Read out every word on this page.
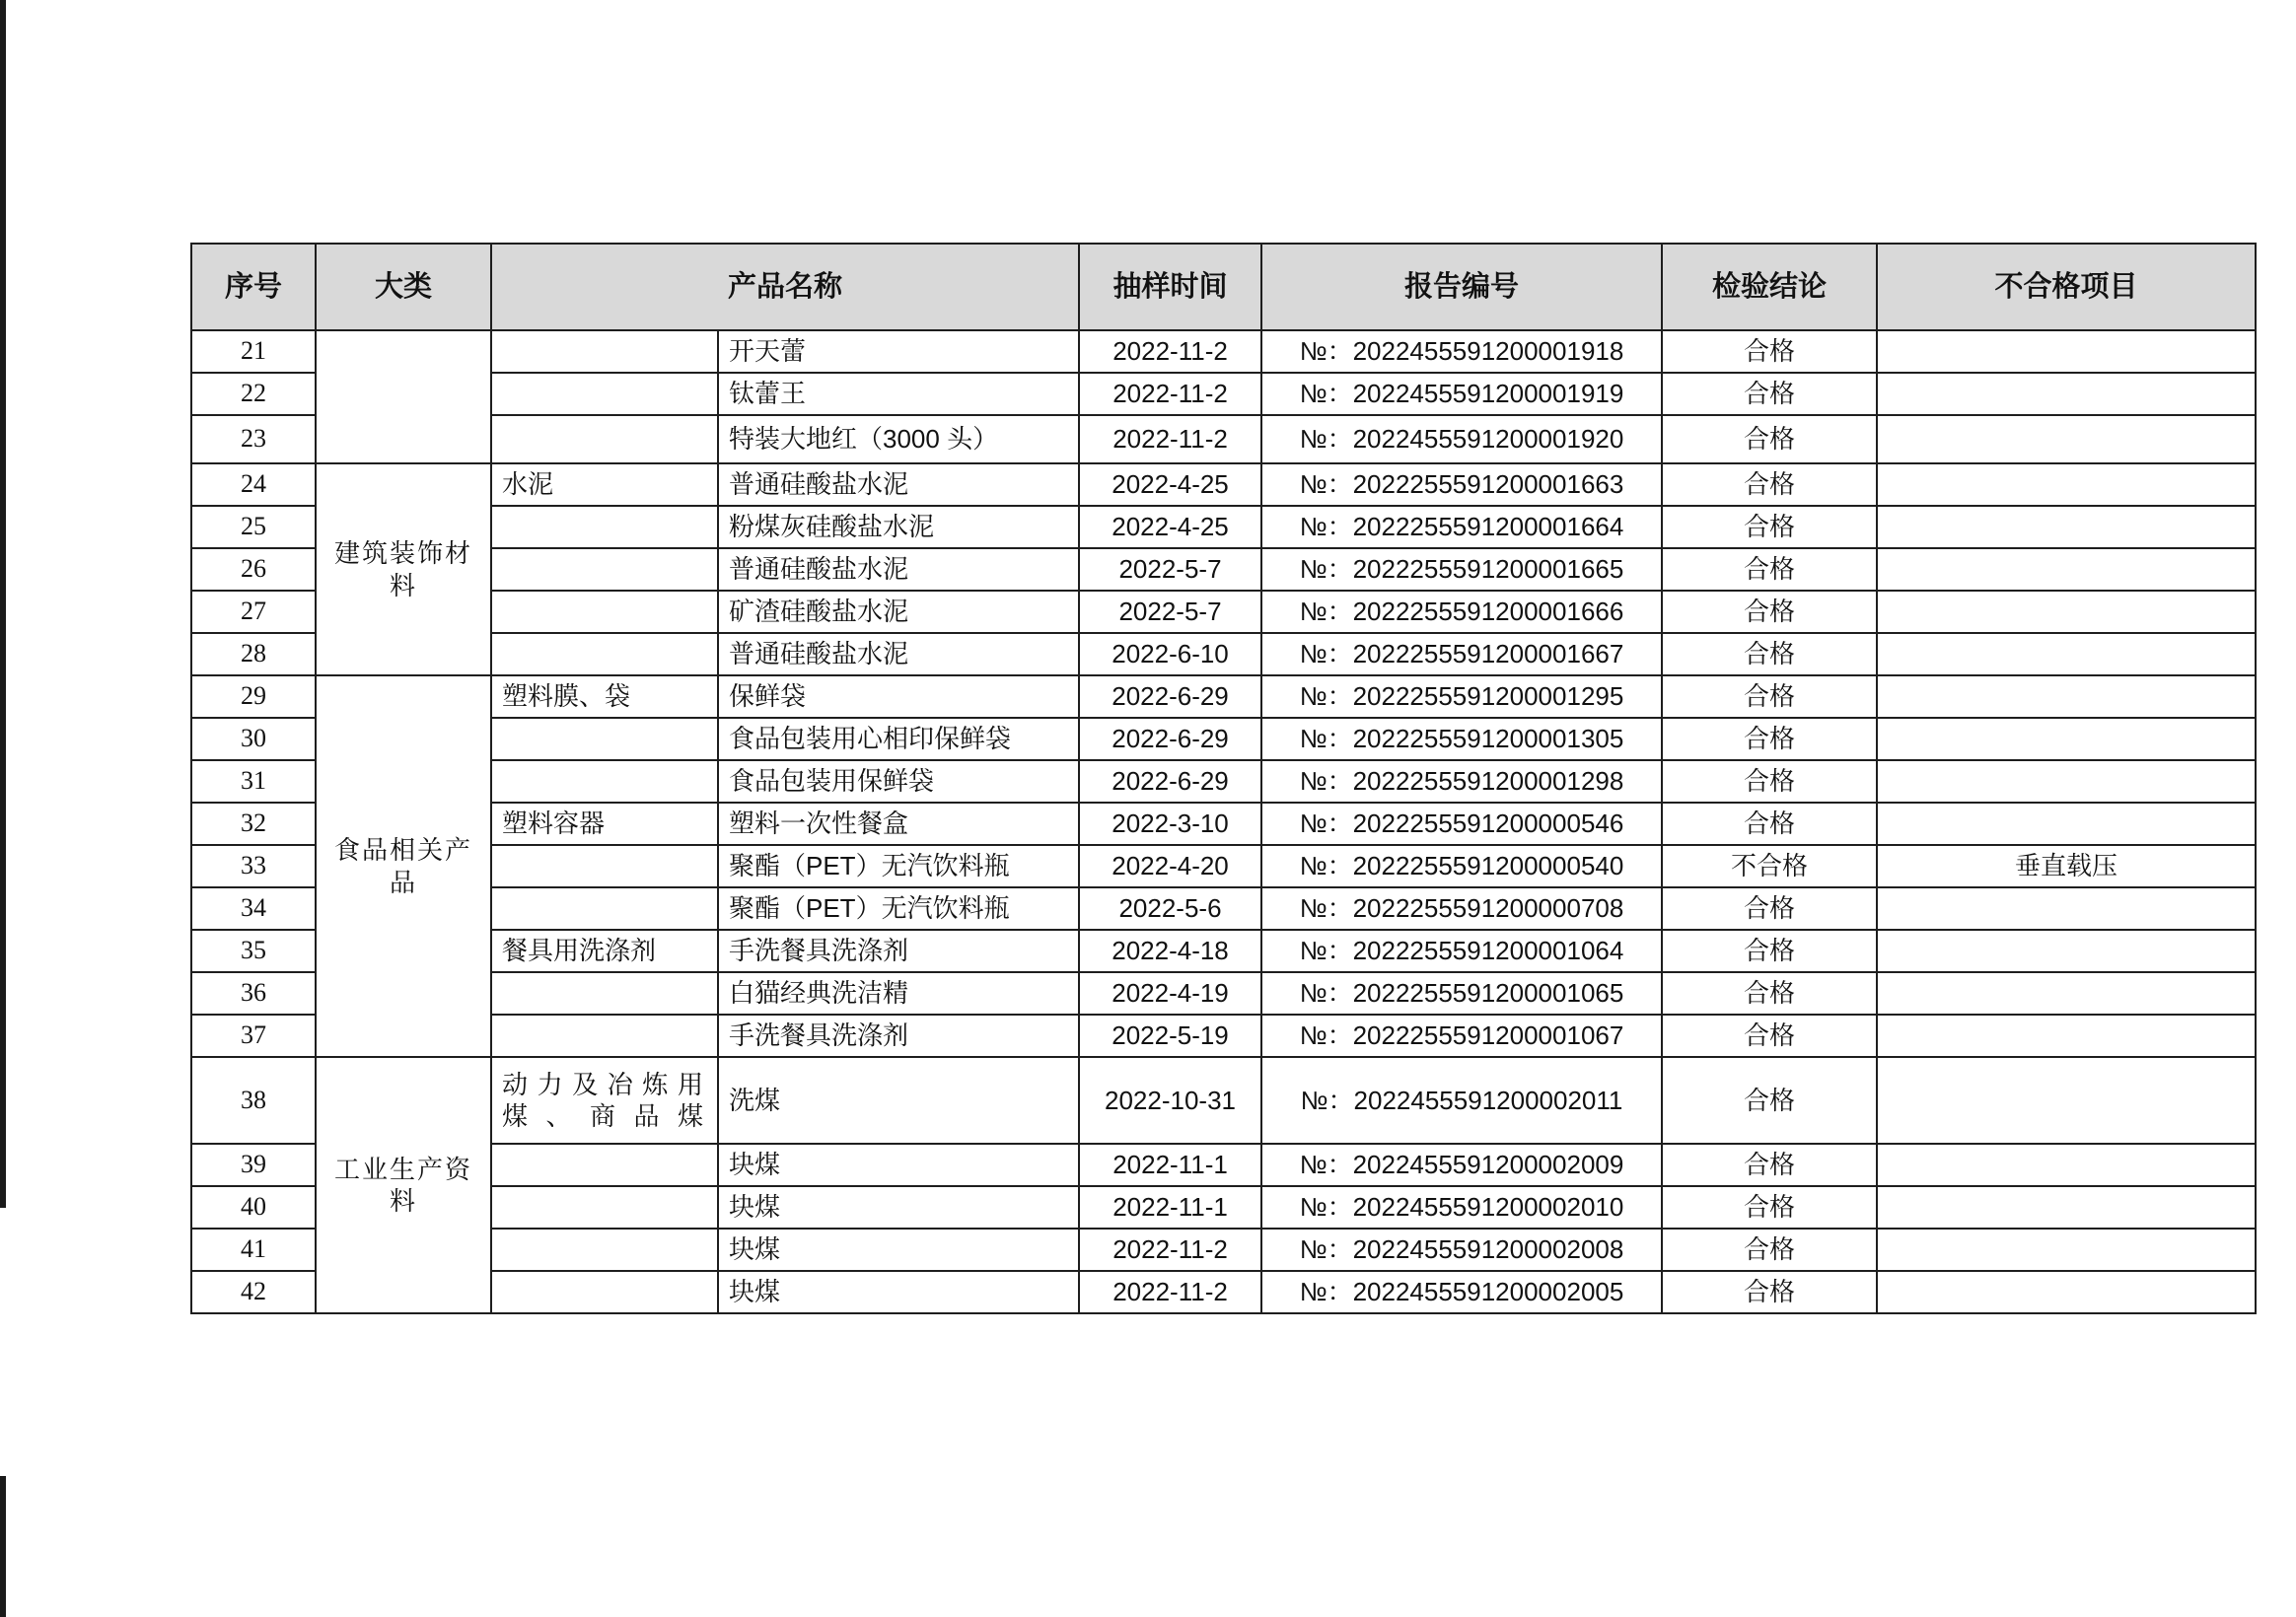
序号	大类	产品名称		抽样时间	报告编号	检验结论	不合格项目
21			开天蕾	2022-11-2	№：202245559120000​1918	合格	
22			钛蕾王	2022-11-2	№：2022455591200001919	合格	
23			特装大地红（3000 头）	2022-11-2	№：2022455591200001920	合格	
24	建筑装饰材料	水泥	普通硅酸盐水泥	2022-4-25	№：2022255591200001663	合格	
25			粉煤灰硅酸盐水泥	2022-4-25	№：2022255591200001664	合格	
26			普通硅酸盐水泥	2022-5-7	№：2022255591200001665	合格	
27			矿渣硅酸盐水泥	2022-5-7	№：2022255591200001666	合格	
28			普通硅酸盐水泥	2022-6-10	№：2022255591200001667	合格	
29	食品相关产品	塑料膜、袋	保鲜袋	2022-6-29	№：2022255591200001295	合格	
30			食品包装用心相印保鲜袋	2022-6-29	№：2022255591200001305	合格	
31			食品包装用保鲜袋	2022-6-29	№：2022255591200001298	合格	
32		塑料容器	塑料一次性餐盒	2022-3-10	№：2022255591200000546	合格	
33			聚酯（PET）无汽饮料瓶	2022-4-20	№：2022255591200000540	不合格	垂直载压
34			聚酯（PET）无汽饮料瓶	2022-5-6	№：2022255591200000708	合格	
35		餐具用洗涤剂	手洗餐具洗涤剂	2022-4-18	№：2022255591200001064	合格	
36			白猫经典洗洁精	2022-4-19	№：2022255591200001065	合格	
37			手洗餐具洗涤剂	2022-5-19	№：2022255591200001067	合格	
38	工业生产资料	动力及冶炼用煤、商品煤	洗煤	2022-10-31	№：2022455591200002011	合格	
39			块煤	2022-11-1	№：2022455591200002009	合格	
40			块煤	2022-11-1	№：2022455591200002010	合格	
41			块煤	2022-11-2	№：2022455591200002008	合格	
42			块煤	2022-11-2	№：2022455591200002005	合格	
